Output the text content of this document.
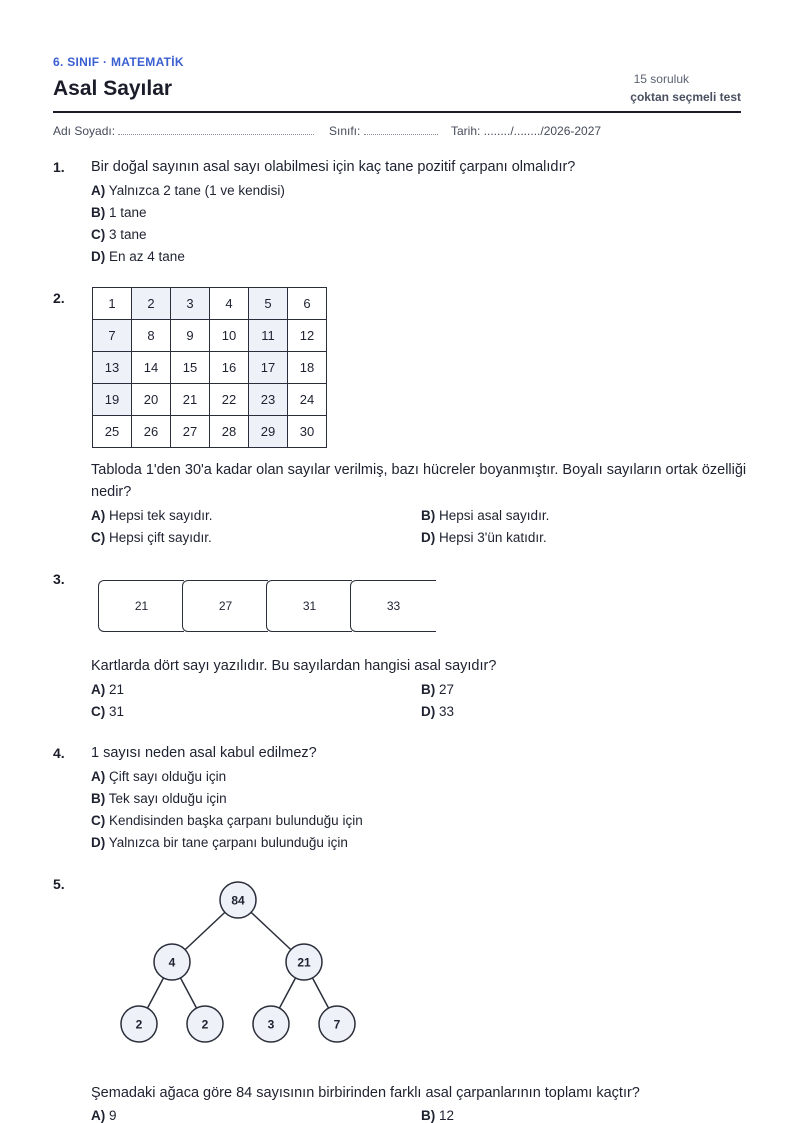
6. SINIF · MATEMATİK
Asal Sayılar	15 soruluk
çoktan seçmeli test
Adı Soyadı:	Sınıfı:	Tarih: ......../......../2026-2027
1. Bir doğal sayının asal sayı olabilmesi için kaç tane pozitif çarpanı olmalıdır?
A) Yalnızca 2 tane (1 ve kendisi)
B) 1 tane
C) 3 tane
D) En az 4 tane
2.	1	2	3	4	5	6
7	8	9	10	11	12
13	14	15	16	17	18
19	20	21	22	23	24
25	26	27	28	29	30
Tabloda 1'den 30'a kadar olan sayılar verilmiş, bazı hücreler boyanmıştır. Boyalı sayıların ortak özelliği
nedir?
A) Hepsi tek sayıdır.	B) Hepsi asal sayıdır.
C) Hepsi çift sayıdır.	D) Hepsi 3'ün katıdır.
3.
21	27	31	33
Kartlarda dört sayı yazılıdır. Bu sayılardan hangisi asal sayıdır?
A) 21	B) 27
C) 31	D) 33
4. 1 sayısı neden asal kabul edilmez?
A) Çift sayı olduğu için
B) Tek sayı olduğu için
C) Kendisinden başka çarpanı bulunduğu için
D) Yalnızca bir tane çarpanı bulunduğu için
5.
84
4	21
2	2	3	7
Şemadaki ağaca göre 84 sayısının birbirinden farklı asal çarpanlarının toplamı kaçtır?
A) 9	B) 12
